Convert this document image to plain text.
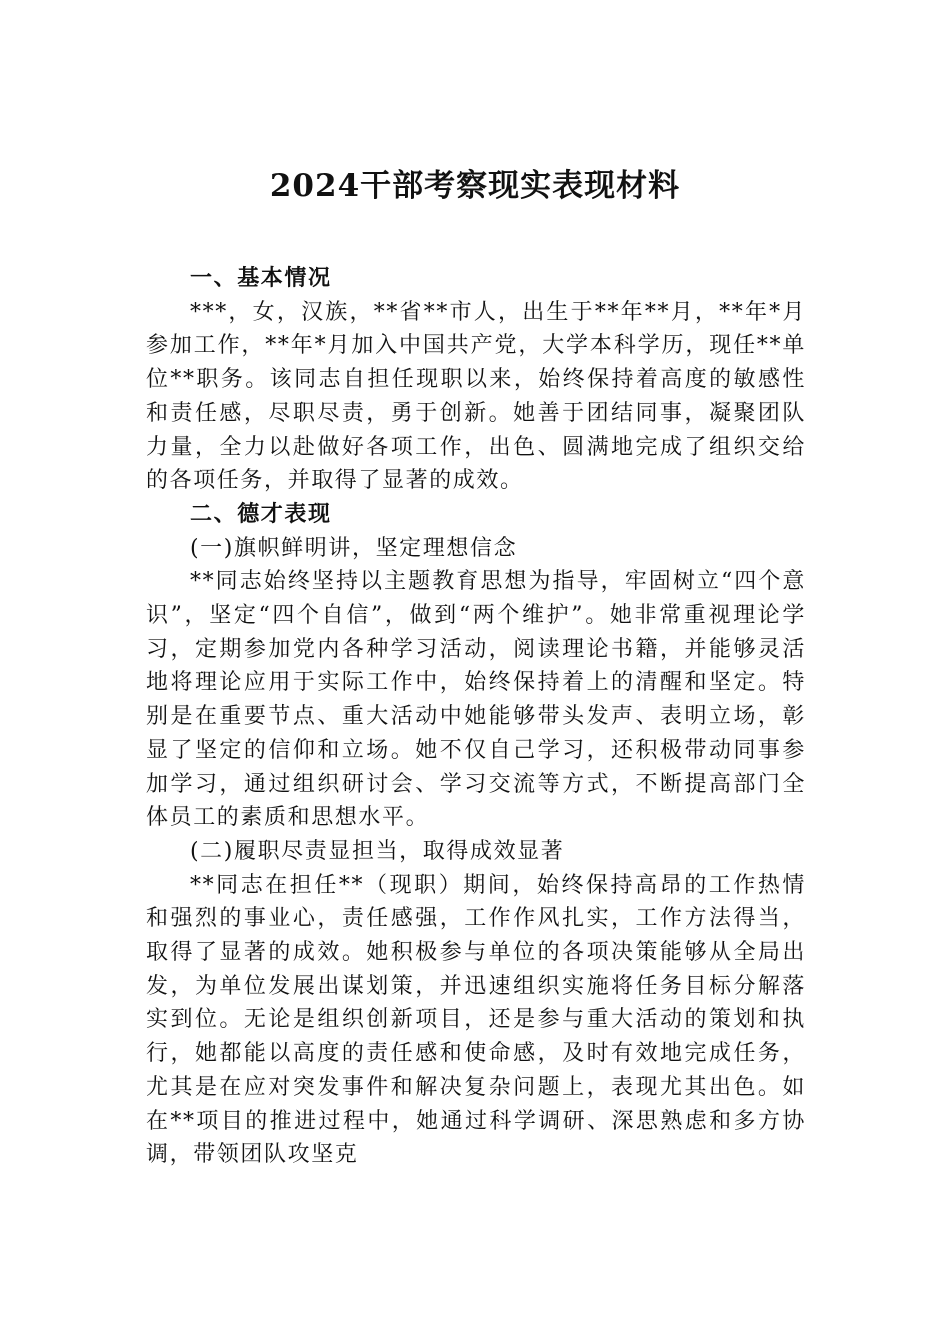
2024干部考察现实表现材料

一、基本情况

***，女，汉族，**省**市人，出生于**年**月，**年*月参加工作，**年*月加入中国共产党，大学本科学历，现任**单位**职务。该同志自担任现职以来，始终保持着高度的敏感性和责任感，尽职尽责，勇于创新。她善于团结同事，凝聚团队力量，全力以赴做好各项工作，出色、圆满地完成了组织交给的各项任务，并取得了显著的成效。

二、德才表现

(一)旗帜鲜明讲，坚定理想信念

**同志始终坚持以主题教育思想为指导，牢固树立“四个意识”，坚定“四个自信”，做到“两个维护”。她非常重视理论学习，定期参加党内各种学习活动，阅读理论书籍，并能够灵活地将理论应用于实际工作中，始终保持着上的清醒和坚定。特别是在重要节点、重大活动中她能够带头发声、表明立场，彰显了坚定的信仰和立场。她不仅自己学习，还积极带动同事参加学习，通过组织研讨会、学习交流等方式，不断提高部门全体员工的素质和思想水平。

(二)履职尽责显担当，取得成效显著

**同志在担任**（现职）期间，始终保持高昂的工作热情和强烈的事业心，责任感强，工作作风扎实，工作方法得当，取得了显著的成效。她积极参与单位的各项决策能够从全局出发，为单位发展出谋划策，并迅速组织实施将任务目标分解落实到位。无论是组织创新项目，还是参与重大活动的策划和执行，她都能以高度的责任感和使命感，及时有效地完成任务，尤其是在应对突发事件和解决复杂问题上，表现尤其出色。如在**项目的推进过程中，她通过科学调研、深思熟虑和多方协调，带领团队攻坚克
